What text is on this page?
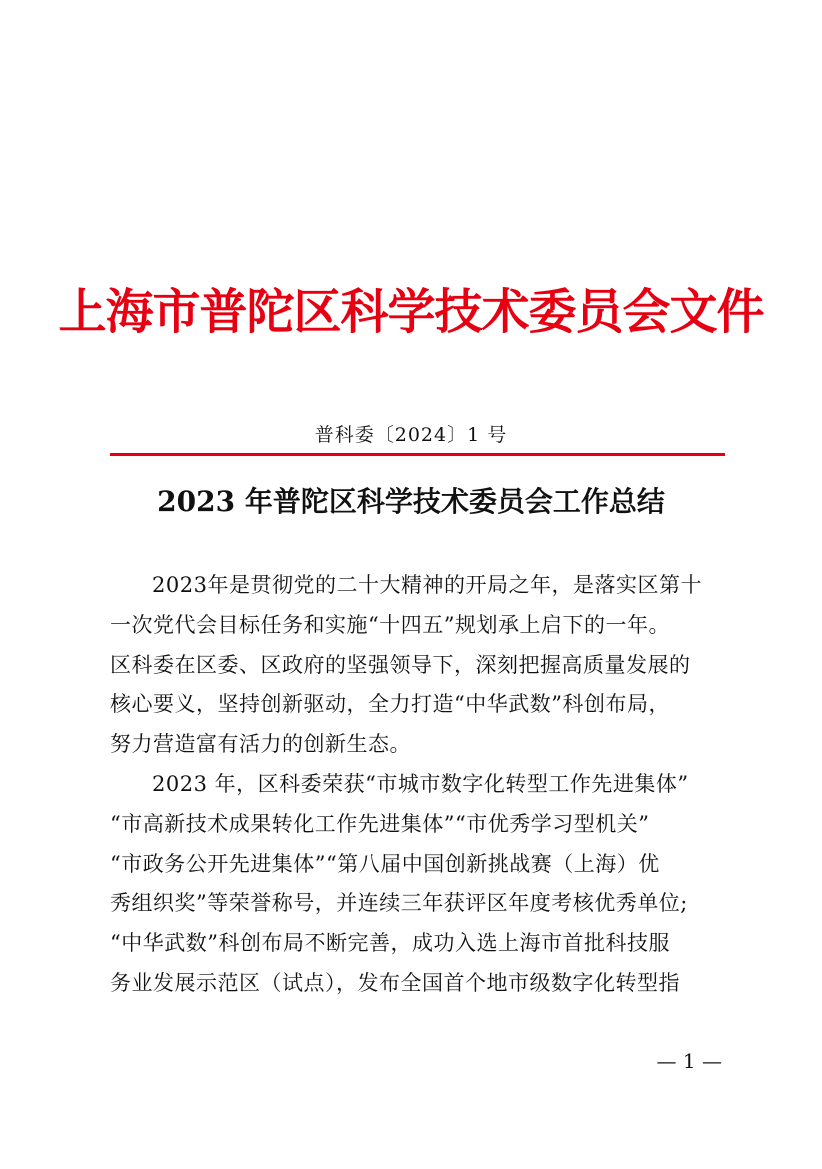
上海市普陀区科学技术委员会文件
普科委〔2024〕1 号
2023 年普陀区科学技术委员会工作总结
2023年是贯彻党的二十大精神的开局之年，是落实区第十
一次党代会目标任务和实施“十四五”规划承上启下的一年。
区科委在区委、区政府的坚强领导下，深刻把握高质量发展的
核心要义，坚持创新驱动，全力打造“中华武数”科创布局，
努力营造富有活力的创新生态。
2023 年，区科委荣获“市城市数字化转型工作先进集体”
“市高新技术成果转化工作先进集体”“市优秀学习型机关”
“市政务公开先进集体”“第八届中国创新挑战赛（上海）优
秀组织奖”等荣誉称号，并连续三年获评区年度考核优秀单位;
“中华武数”科创布局不断完善，成功入选上海市首批科技服
务业发展示范区（试点），发布全国首个地市级数字化转型指
— 1 —
